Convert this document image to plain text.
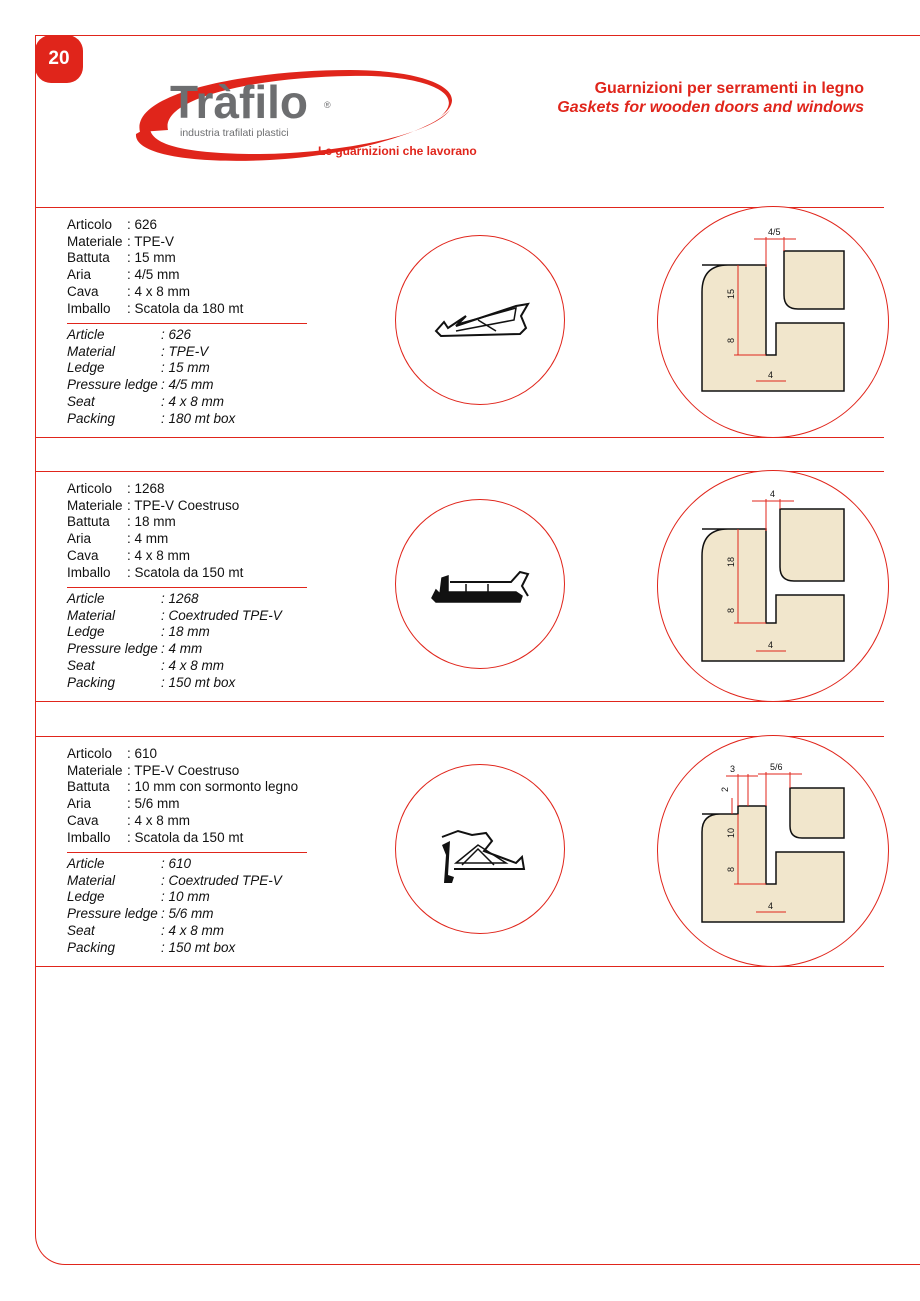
20
Tràfilo ®
industria trafilati plastici
Le guarnizioni che lavorano
Guarnizioni per serramenti in legno
Gaskets for wooden doors and windows
Articolo	: 626
Materiale : TPE-V
Battuta	: 15 mm
Aria	: 4/5 mm
Cava	: 4 x 8 mm
Imballo	: Scatola da 180 mt
Article	: 626
Material	: TPE-V
Ledge	: 15 mm
Pressure ledge : 4/5 mm
Seat	: 4 x 8 mm
Packing	: 180 mt box
4/5
15
8
4
Articolo	: 1268
Materiale : TPE-V Coestruso
Battuta	: 18 mm
Aria	: 4 mm
Cava	: 4 x 8 mm
Imballo	: Scatola da 150 mt
Article	: 1268
Material	: Coextruded TPE-V
Ledge	: 18 mm
Pressure ledge : 4 mm
Seat	: 4 x 8 mm
Packing	: 150 mt box
4
18
8
4
Articolo	: 610
Materiale : TPE-V Coestruso
Battuta	: 10 mm con sormonto legno
Aria	: 5/6 mm
Cava	: 4 x 8 mm
Imballo	: Scatola da 150 mt
Article	: 610
Material	: Coextruded TPE-V
Ledge	: 10 mm
Pressure ledge : 5/6 mm
Seat	: 4 x 8 mm
Packing	: 150 mt box
3	5/6
2
10
8
4
